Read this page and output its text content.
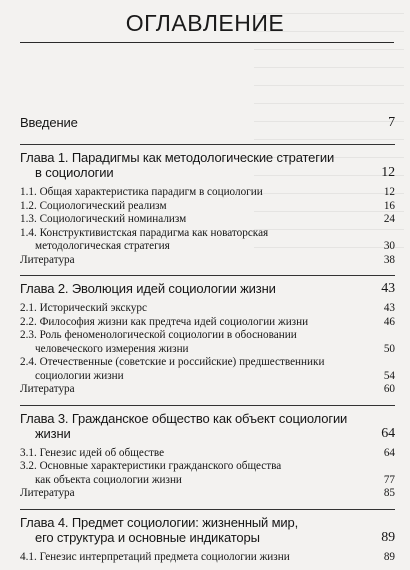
ОГЛАВЛЕНИЕ
Введение	7
Глава 1. Парадигмы как методологические стратегии
в социологии	12
1.1. Общая характеристика парадигм в социологии	12
1.2. Социологический реализм	16
1.3. Социологический номинализм	24
1.4. Конструктивистская парадигма как новаторская
методологическая стратегия	30
Литература	38
Глава 2. Эволюция идей социологии жизни	43
2.1. Исторический экскурс	43
2.2. Философия жизни как предтеча идей социологии жизни	46
2.3. Роль феноменологической социологии в обосновании
человеческого измерения жизни	50
2.4. Отечественные (советские и российские) предшественники
социологии жизни	54
Литература	60
Глава 3. Гражданское общество как объект социологии
жизни	64
3.1. Генезис идей об обществе	64
3.2. Основные характеристики гражданского общества
как объекта социологии жизни	77
Литература	85
Глава 4. Предмет социологии: жизненный мир,
его структура и основные индикаторы	89
4.1. Генезис интерпретаций предмета социологии жизни	89
